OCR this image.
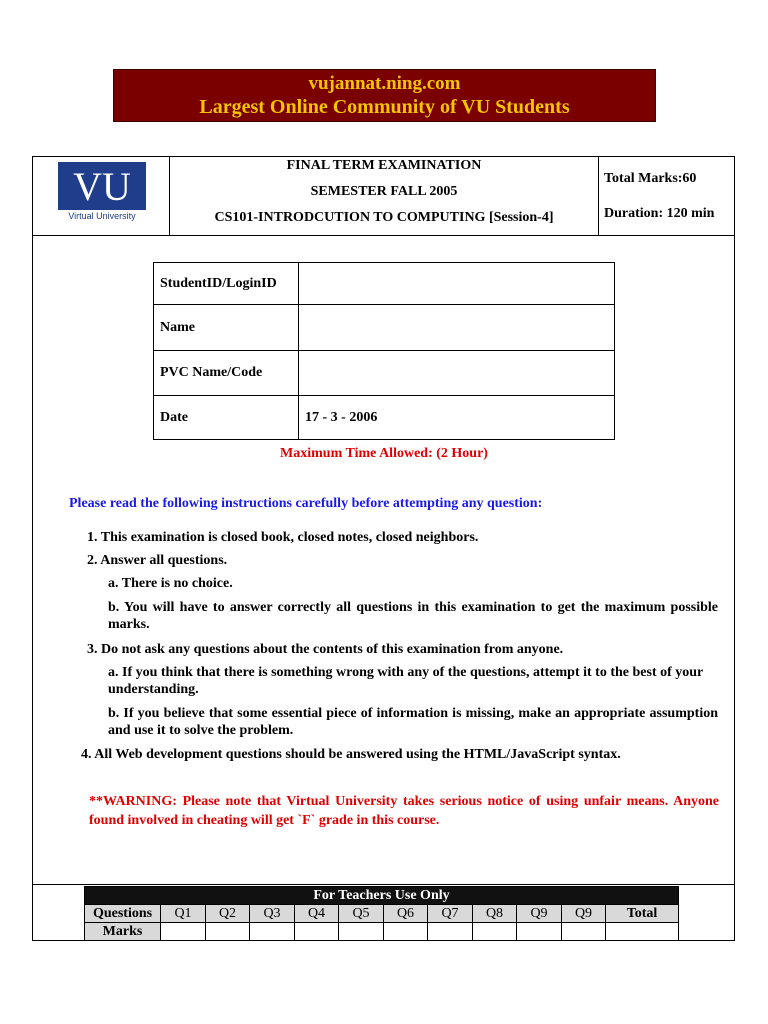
vujannat.ning.com
Largest Online Community of VU Students
VU
Virtual University
FINAL TERM EXAMINATION
SEMESTER FALL 2005
CS101-INTRODCUTION TO COMPUTING [Session-4]
Total Marks:60
Duration: 120 min
StudentID/LoginID	
Name	
PVC Name/Code	
Date	17 - 3 - 2006
Maximum Time Allowed: (2 Hour)
Please read the following instructions carefully before attempting any question:
1. This examination is closed book, closed notes, closed neighbors.
2. Answer all questions.
a. There is no choice.
b. You will have to answer correctly all questions in this examination to get the maximum possible marks.
3. Do not ask any questions about the contents of this examination from anyone.
a. If you think that there is something wrong with any of the questions, attempt it to the best of your understanding.
b. If you believe that some essential piece of information is missing, make an appropriate assumption and use it to solve the problem.
4. All Web development questions should be answered using the HTML/JavaScript syntax.
**WARNING: Please note that Virtual University takes serious notice of using unfair means. Anyone found involved in cheating will get `F` grade in this course.
For Teachers Use Only											
Questions	Q1	Q2	Q3	Q4	Q5	Q6	Q7	Q8	Q9	Q9	Total
Marks											
